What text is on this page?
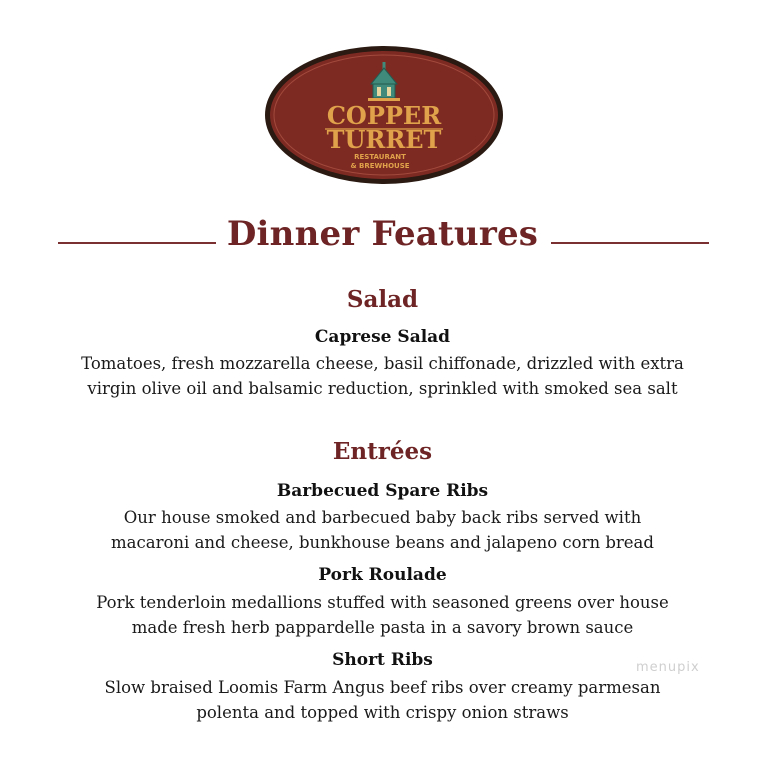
COPPER
TURRET
RESTAURANT
& BREWHOUSE
Dinner Features
Salad
Caprese Salad
Tomatoes, fresh mozzarella cheese, basil chiffonade, drizzled with extra
virgin olive oil and balsamic reduction, sprinkled with smoked sea salt
Entrées
Barbecued Spare Ribs
Our house smoked and barbecued baby back ribs served with
macaroni and cheese, bunkhouse beans and jalapeno corn bread
Pork Roulade
Pork tenderloin medallions stuffed with seasoned greens over house
made fresh herb pappardelle pasta in a savory brown sauce
Short Ribs
Slow braised Loomis Farm Angus beef ribs over creamy parmesan
polenta and topped with crispy onion straws
menupix
